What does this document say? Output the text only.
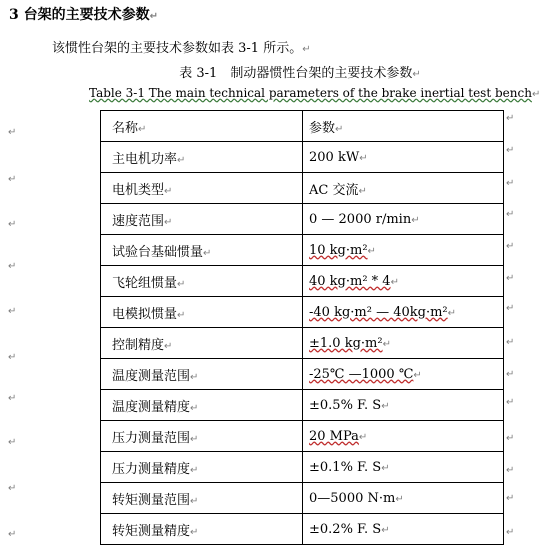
3 台架的主要技术参数↵
该惯性台架的主要技术参数如表 3-1 所示。↵
表 3-1　制动器惯性台架的主要技术参数↵
Table 3-1 The main technical parameters of the brake inertial test bench↵
↵
↵
↵
↵
↵
↵
↵
↵
↵
↵
↵
↵
↵
↵
↵
↵
↵
↵
↵
↵
↵
↵
↵
↵
名称↵	参数↵
主电机功率↵	200 kW↵
电机类型↵	AC 交流↵
速度范围↵	0 — 2000 r/min↵
试验台基础惯量↵	10 kg·m²↵
飞轮组惯量↵	40 kg·m² * 4↵
电模拟惯量↵	-40 kg·m² — 40kg·m²↵
控制精度↵	±1.0 kg·m²↵
温度测量范围↵	-25℃ —1000 ℃↵
温度测量精度↵	±0.5% F. S↵
压力测量范围↵	20 MPa↵
压力测量精度↵	±0.1% F. S↵
转矩测量范围↵	0—5000 N·m↵
转矩测量精度↵	±0.2% F. S↵
